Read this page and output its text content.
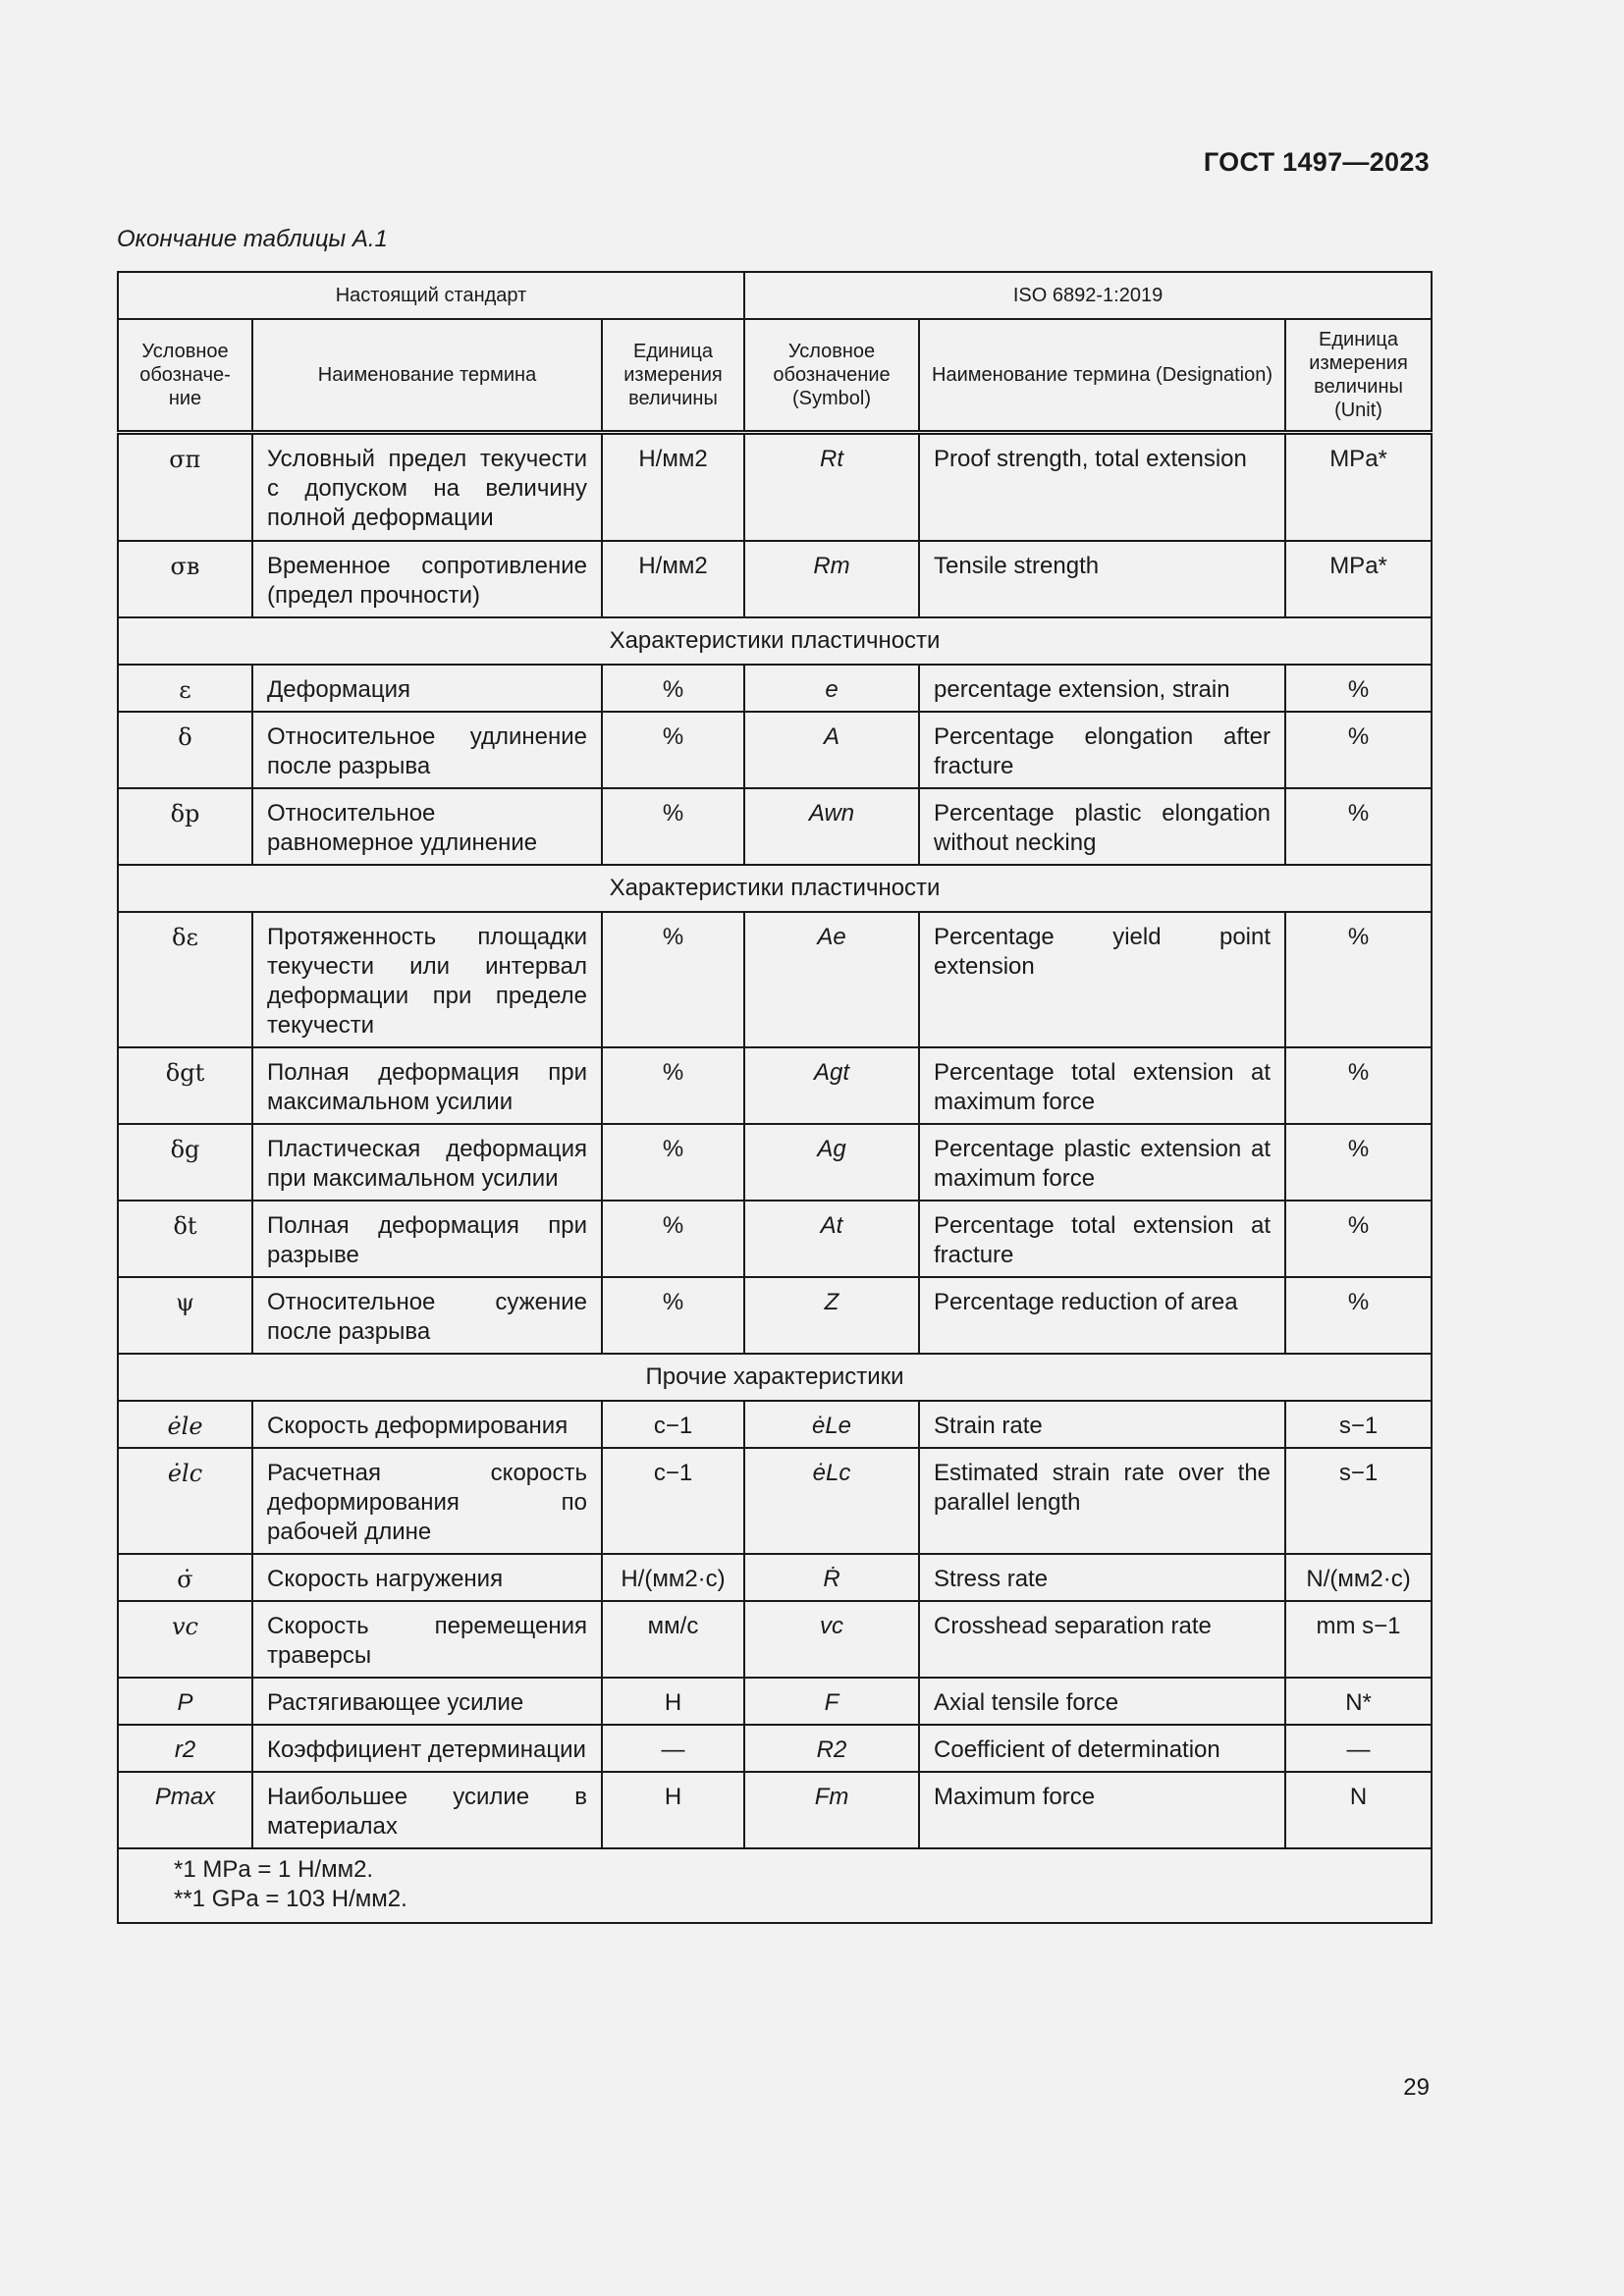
ГОСТ 1497—2023
Окончание таблицы А.1
Настоящий стандарт			ISO 6892-1:2019		
Условное обозначе-ние	Наименование термина	Единица измерения величины	Условное обозначение (Symbol)	Наименование термина (Designation)	Единица измерения величины (Unit)
σп	Условный предел текучести с допуском на величину полной деформации	Н/мм2	Rt	Proof strength, total extension	MPa*
σв	Временное сопротивление (предел прочности)	Н/мм2	Rm	Tensile strength	MPa*
Характеристики пластичности					
ε	Деформация	%	e	percentage extension, strain	%
δ	Относительное удлинение после разрыва	%	A	Percentage elongation after fracture	%
δр	Относительное равномерное удлинение	%	Awn	Percentage plastic elongation without necking	%
Характеристики пластичности					
δε	Протяженность площадки текучести или интервал деформации при пределе текучести	%	Ae	Percentage yield point extension	%
δgt	Полная деформация при максимальном усилии	%	Agt	Percentage total extension at maximum force	%
δg	Пластическая деформация при максимальном усилии	%	Ag	Percentage plastic extension at maximum force	%
δt	Полная деформация при разрыве	%	At	Percentage total extension at fracture	%
ψ	Относительное сужение после разрыва	%	Z	Percentage reduction of area	%
Прочие характеристики					
ėle	Скорость деформирования	с−1	ėLe	Strain rate	s−1
ėlc	Расчетная скорость деформирования по рабочей длине	с−1	ėLc	Estimated strain rate over the parallel length	s−1
σ̇	Скорость нагружения	Н/(мм2·с)	Ṙ	Stress rate	N/(мм2·с)
vc	Скорость перемещения траверсы	мм/с	vc	Crosshead separation rate	mm s−1
P	Растягивающее усилие	Н	F	Axial tensile force	N*
r2	Коэффициент детерминации	—	R2	Coefficient of determination	—
Pmax	Наибольшее усилие в материалах	Н	Fm	Maximum force	N

*1 MPa = 1 Н/мм2.
**1 GPa = 103 Н/мм2.					
29
